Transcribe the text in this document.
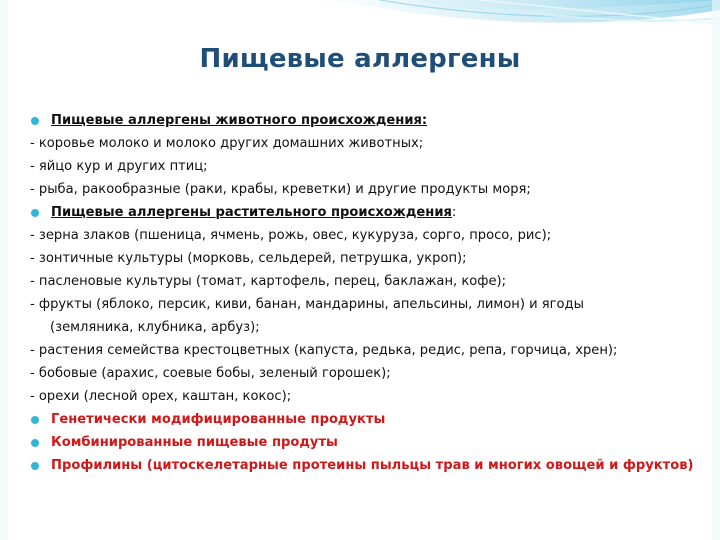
Пищевые аллергены
Пищевые аллергены животного происхождения:
- коровье молоко и молоко других домашних животных;
- яйцо кур и других птиц;
- рыба, ракообразные (раки, крабы, креветки) и другие продукты моря;
Пищевые аллергены растительного происхождения:
- зерна злаков (пшеница, ячмень, рожь, овес, кукуруза, сорго, просо, рис);
- зонтичные культуры (морковь, сельдерей, петрушка, укроп);
- пасленовые культуры (томат, картофель, перец, баклажан, кофе);
- фрукты (яблоко, персик, киви, банан, мандарины, апельсины, лимон) и ягоды
(земляника, клубника, арбуз);
- растения семейства крестоцветных (капуста, редька, редис, репа, горчица, хрен);
- бобовые (арахис, соевые бобы, зеленый горошек);
- орехи (лесной орех, каштан, кокос);
Генетически модифицированные продукты
Комбинированные пищевые продуты
Профилины (цитоскелетарные протеины пыльцы трав и многих овощей и фруктов)
